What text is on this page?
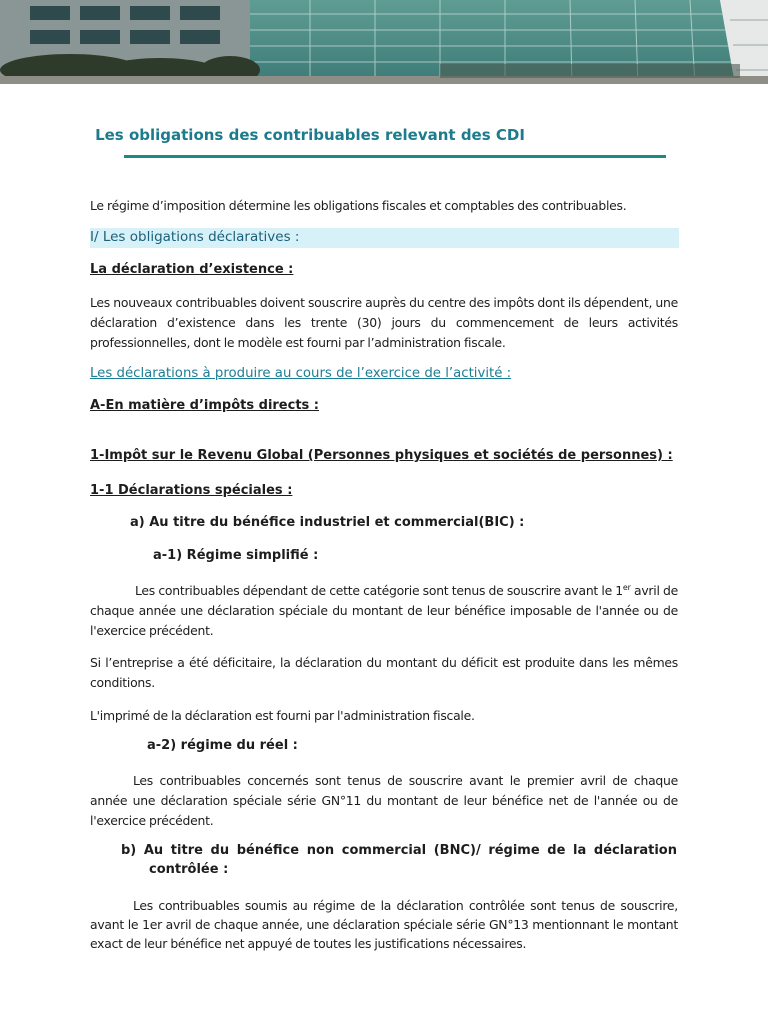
Les obligations des contribuables relevant des CDI

Le régime d’imposition détermine les obligations fiscales et comptables des contribuables.

I/ Les obligations déclaratives :

La déclaration d’existence :

Les nouveaux contribuables doivent souscrire auprès du centre des impôts dont ils dépendent, une déclaration d’existence dans les trente (30) jours du commencement de leurs activités professionnelles, dont le modèle est fourni par l’administration fiscale.

Les déclarations à produire au cours de l’exercice de l’activité :

A-En matière d’impôts directs :

1-Impôt sur le Revenu Global (Personnes physiques et sociétés de personnes) :

1-1 Déclarations spéciales :

a) Au titre du bénéfice industriel et commercial(BIC) :

a-1) Régime simplifié :

Les contribuables dépendant de cette catégorie sont tenus de souscrire avant le 1er avril de chaque année une déclaration spéciale du montant de leur bénéfice imposable de l'année ou de l'exercice précédent.

Si l’entreprise a été déficitaire, la déclaration du montant du déficit est produite dans les mêmes conditions.

L'imprimé de la déclaration est fourni par l'administration fiscale.

a-2) régime du réel :

Les contribuables concernés sont tenus de souscrire avant le premier avril de chaque année une déclaration spéciale série GN°11 du montant de leur bénéfice net de l'année ou de l'exercice précédent.

b) Au titre du bénéfice non commercial (BNC)/ régime de la déclaration

contrôlée :

Les contribuables soumis au régime de la déclaration contrôlée sont tenus de souscrire, avant le 1er avril de chaque année, une déclaration spéciale série GN°13 mentionnant le montant exact de leur bénéfice net appuyé de toutes les justifications nécessaires.
